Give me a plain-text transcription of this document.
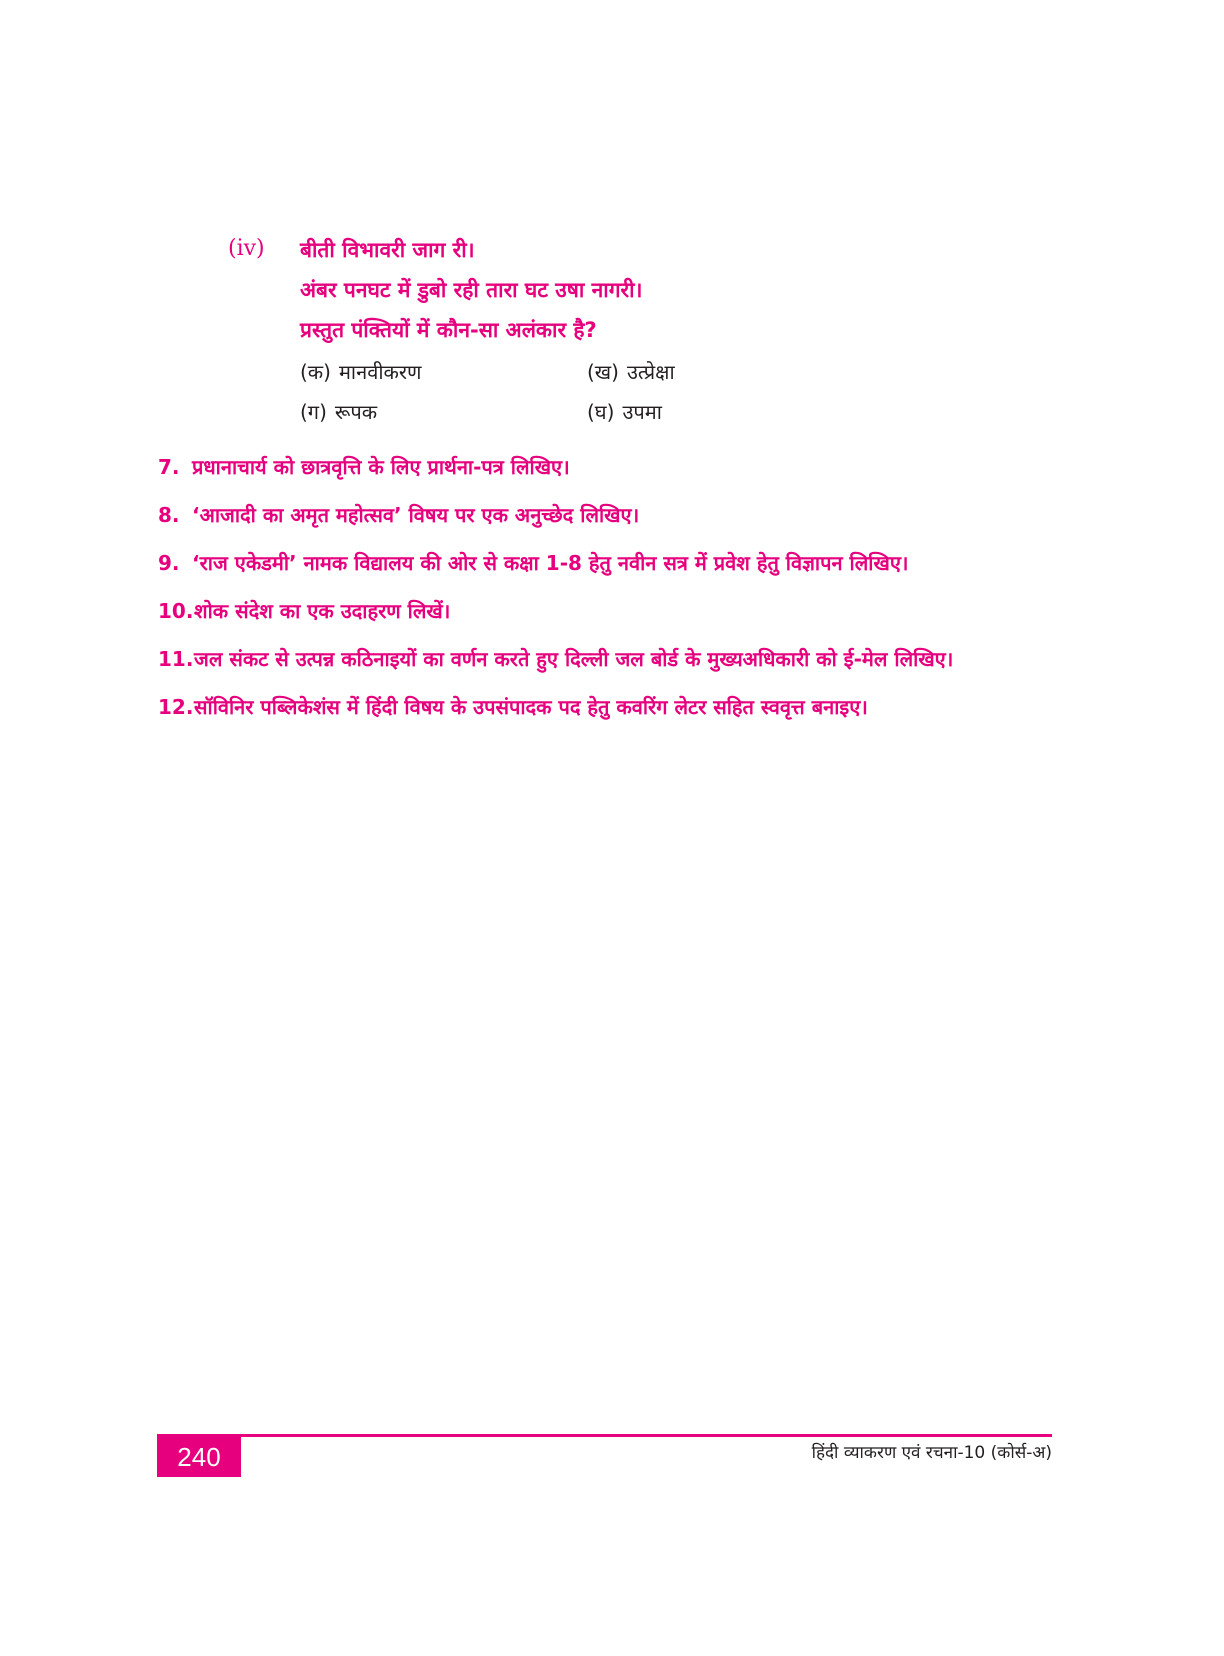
(iv) बीती विभावरी जाग री।
अंबर पनघट में डुबो रही तारा घट उषा नागरी।
प्रस्तुत पंक्तियों में कौन-सा अलंकार है?
(क) मानवीकरण	(ख) उत्प्रेक्षा
(ग) रूपक	(घ) उपमा
7. प्रधानाचार्य को छात्रवृत्ति के लिए प्रार्थना-पत्र लिखिए।
8. ‘आजादी का अमृत महोत्सव’ विषय पर एक अनुच्छेद लिखिए।
9. ‘राज एकेडमी’ नामक विद्यालय की ओर से कक्षा 1-8 हेतु नवीन सत्र में प्रवेश हेतु विज्ञापन लिखिए।
10.शोक संदेश का एक उदाहरण लिखें।
11.जल संकट से उत्पन्न कठिनाइयों का वर्णन करते हुए दिल्ली जल बोर्ड के मुख्यअधिकारी को ई-मेल लिखिए।
12.सॉविनिर पब्लिकेशंस में हिंदी विषय के उपसंपादक पद हेतु कवरिंग लेटर सहित स्ववृत्त बनाइए।
240	हिंदी व्याकरण एवं रचना-10 (कोर्स-अ)
